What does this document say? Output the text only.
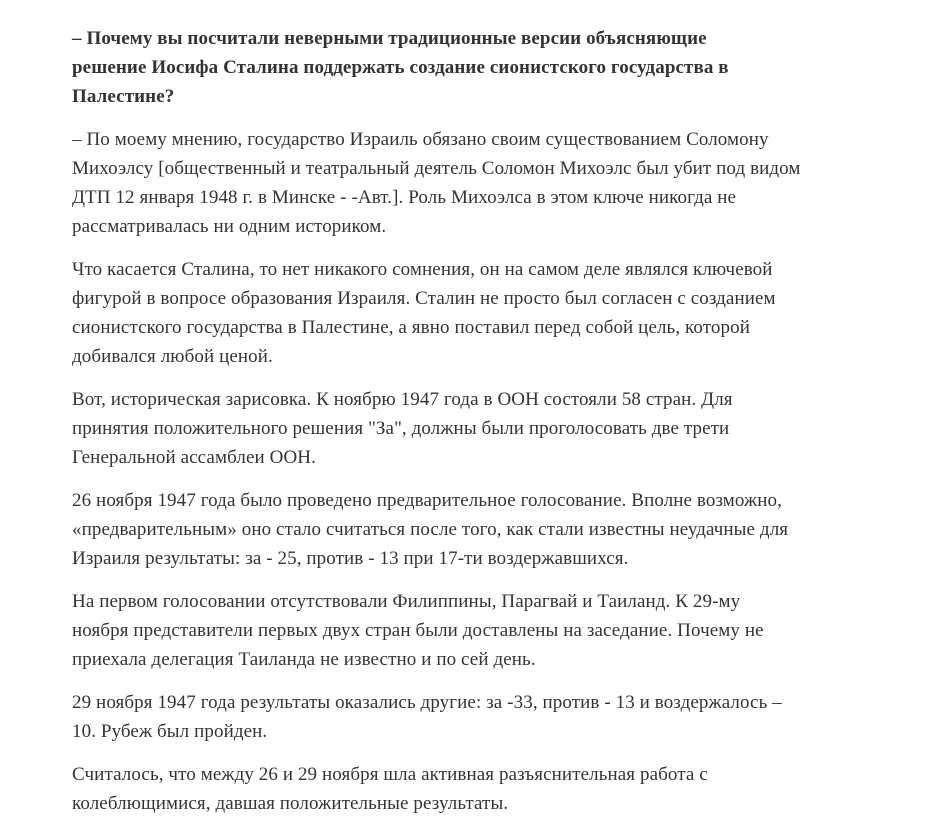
– Почему вы посчитали неверными традиционные версии объясняющие
решение Иосифа Сталина поддержать создание сионистского государства в
Палестине?

– По моему мнению, государство Израиль обязано своим существованием Соломону
Михоэлсу [общественный и театральный деятель Соломон Михоэлс был убит под видом
ДТП 12 января 1948 г. в Минске - -Авт.]. Роль Михоэлса в этом ключе никогда не
рассматривалась ни одним историком.

Что касается Сталина, то нет никакого сомнения, он на самом деле являлся ключевой
фигурой в вопросе образования Израиля. Сталин не просто был согласен с созданием
сионистского государства в Палестине, а явно поставил перед собой цель, которой
добивался любой ценой.

Вот, историческая зарисовка. К ноябрю 1947 года в ООН состояли 58 стран. Для
принятия положительного решения "За", должны были проголосовать две трети
Генеральной ассамблеи ООН.

26 ноября 1947 года было проведено предварительное голосование. Вполне возможно,
«предварительным» оно стало считаться после того, как стали известны неудачные для
Израиля результаты: за - 25, против - 13 при 17-ти воздержавшихся.

На первом голосовании отсутствовали Филиппины, Парагвай и Таиланд. К 29-му
ноября представители первых двух стран были доставлены на заседание. Почему не
приехала делегация Таиланда не известно и по сей день.

29 ноября 1947 года результаты оказались другие: за -33, против - 13 и воздержалось –
10. Рубеж был пройден.

Считалось, что между 26 и 29 ноября шла активная разъяснительная работа с
колеблющимися, давшая положительные результаты.
